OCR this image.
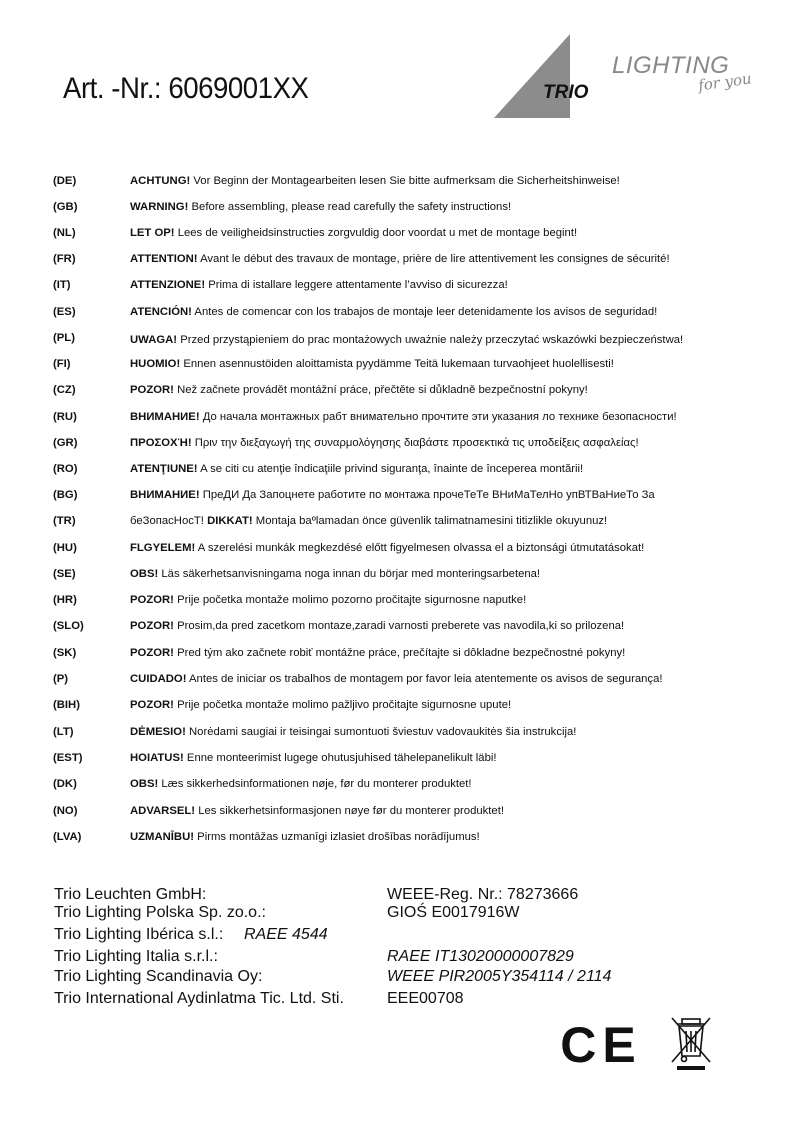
Art. -Nr.: 6069001XX	TRIO
LIGHTING
for you
(DE)	ACHTUNG! Vor Beginn der Montagearbeiten lesen Sie bitte aufmerksam die Sicherheitshinweise!
(GB)	WARNING! Before assembling, please read carefully the safety instructions!
(NL)	LET OP! Lees de veiligheidsinstructies zorgvuldig door voordat u met de montage begint!
(FR)	ATTENTION! Avant le début des travaux de montage, prière de lire attentivement les consignes de sécurité!
(IT)	ATTENZIONE! Prima di istallare leggere attentamente l’avviso di sicurezza!
(ES)	ATENCIÓN! Antes de comencar con los trabajos de montaje leer detenidamente los avisos de seguridad!
(PL)	UWAGA! Przed przystąpieniem do prac montażowych uważnie należy przeczytać wskazówki bezpieczeństwa!
(FI)	HUOMIO! Ennen asennustöiden aloittamista pyydämme Teitä lukemaan turvaohjeet huolellisesti!
(CZ)	POZOR! Než začnete provádět montážní práce, přečtěte si důkladně bezpečnostní pokyny!
(RU)	ВНИМАНИЕ! До начала монтажных рабт внимательно прочтите эти указания ло технике безопасности!
(GR)	ΠΡΟΣΟΧΉ! Πριν την διεξαγωγή της συναρμολόγησης διαβάστε προσεκτικά τις υποδείξεις ασφαλείας!
(RO)	ATENŢIUNE! A se citi cu atenţie îndicaţiile privind siguranţa, înainte de începerea montării!
(BG)	ВНИМАНИЕ! ПреДИ Да Запоцнете работите по монтажа прочеТеТе ВНиМаТелНо упВТВаНиеТо За
(TR)	беЗопасНосТ! DIKKAT! Montaja baºlamadan önce güvenlik talimatnamesini titizlikle okuyunuz!
(HU)	FLGYELEM! A szerelési munkák megkezdésé előtt figyelmesen olvassa el a biztonsági útmutatásokat!
(SE)	OBS! Läs säkerhetsanvisningama noga innan du börjar med monteringsarbetena!
(HR)	POZOR! Prije početka montaže molimo pozorno pročitajte sigurnosne naputke!
(SLO)	POZOR! Prosim,da pred zacetkom montaze,zaradi varnosti preberete vas navodila,ki so prilozena!
(SK)	POZOR! Pred tým ako začnete robiť montážne práce, prečítajte si dôkladne bezpečnostné pokyny!
(P)	CUIDADO! Antes de iniciar os trabalhos de montagem por favor leia atentemente os avisos de segurança!
(BIH)	POZOR! Prije početka montaže molimo pažljivo pročitajte sigurnosne upute!
(LT)	DĖMESIO! Norėdami saugiai ir teisingai sumontuoti šviestuv vadovaukitės šia instrukcija!
(EST)	HOIATUS! Enne monteerimist lugege ohutusjuhised tähelepanelikult läbi!
(DK)	OBS! Læs sikkerhedsinformationen nøje, før du monterer produktet!
(NO)	ADVARSEL! Les sikkerhetsinformasjonen nøye før du monterer produktet!
(LVA)	UZMANĪBU! Pirms montāžas uzmanīgi izlasiet drošības norādījumus!
Trio Leuchten GmbH:	WEEE-Reg. Nr.: 78273666
Trio Lighting Polska Sp. zo.o.:	GIOŚ E0017916W
Trio Lighting Ibérica s.l.: RAEE 4544
Trio Lighting Italia s.r.l.:	RAEE IT13020000007829
Trio Lighting Scandinavia Oy:	WEEE PIR2005Y354114 / 2114
Trio International Aydinlatma Tic. Ltd. Sti.	EEE00708
CE
